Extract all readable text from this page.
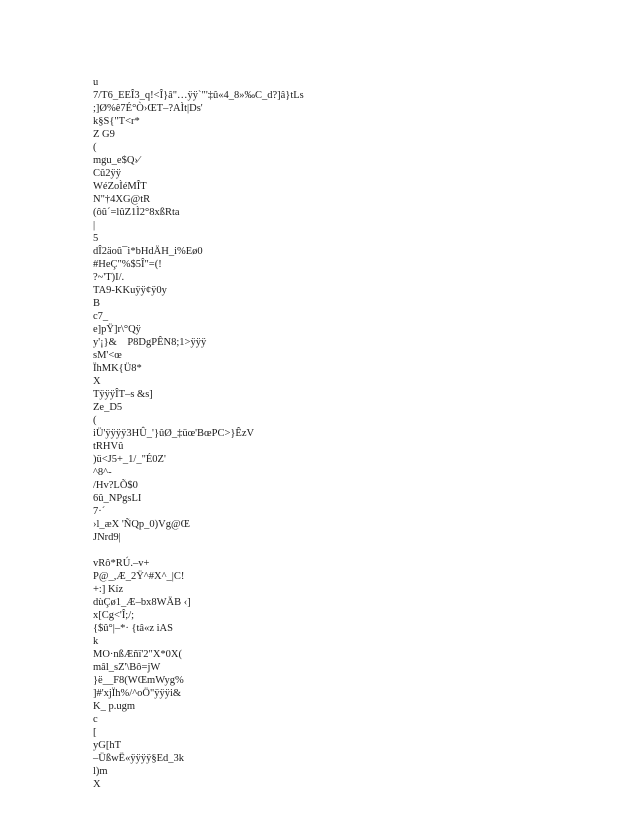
u
7/T6_EEÎ3_q!<Î}â"…ÿÿ`"'‡û«4_8»‰C_d?]â}tLs
;]Ø%ê7É°Ò›ŒT–?AÌt|Ds'
k§S{"T<r*
Z G9
(
mgu_e$Q›⁄
Cû2ÿÿ
WéZoÌéMÎT
N"†4XG@tR
(ôû´=lûZ1Ì2°8xßRta
|
5
dÎ2äoû¯i*bHdÄH_i%Eø0
#HeÇ"%$5Î"=(!
?~'T)I/.
TA9-KKuÿÿ¢ÿ0y
B
c7_
e]pŸ]r\°Qÿ
y'¡}&    P8DgPÊN8;1>ÿÿÿ
sM'<œ
ÏhMK{Ü8*
X
TÿÿÿÎT–s &s]
Ze_D5
(
iÜ'ÿÿÿÿ3HÛ_'}ûØ_‡üœ'BœPC>}ÊzV
tRHVû
)ü<J5+_1/_"É0Z'
^8^-
/Hv?LÕ$0
6û_NPgsLI
7·´
›l_æX 'ÑQp_0)Vg@Œ
JNrd9|
vRô*RÚ.–v+
P@_,Æ_2Ÿ^#X^_|C!
+:] Kíz
dùÇø1_Æ–bx8WÄB ‹]
x[Cg<'Î;/;
{$û°|–*· {tâ«z iAS
k
MO·nßÆñï'2"X*0X(
mâl_sZ'\Bô=jW
}ë__F8(WŒmWyg%
]#'xjÏh%/^oÖ"ÿÿÿi&
K_ p.ugm
c
[
yG[hT
–ÜßwË«ÿÿÿÿ§Ed_3k
l)m
X
